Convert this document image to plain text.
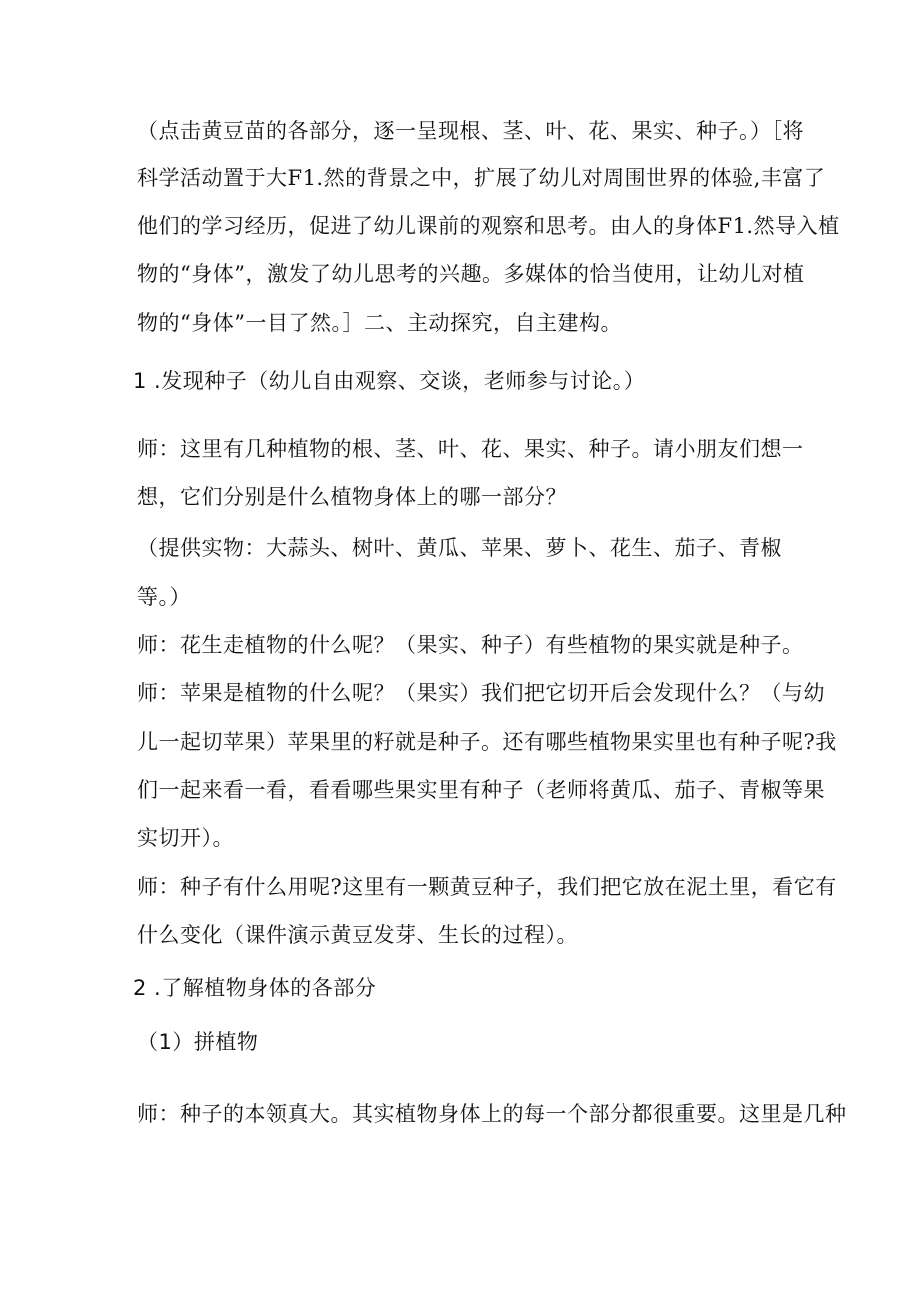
（点击黄豆苗的各部分，逐一呈现根、茎、叶、花、果实、种子。）［将
科学活动置于大F1.然的背景之中，扩展了幼儿对周围世界的体验,丰富了
他们的学习经历，促进了幼儿课前的观察和思考。由人的身体F1.然导入植
物的“身体”，激发了幼儿思考的兴趣。多媒体的恰当使用，让幼儿对植
物的“身体”一目了然。］二、主动探究，自主建构。
1 .发现种子（幼儿自由观察、交谈，老师参与讨论。）
师：这里有几种植物的根、茎、叶、花、果实、种子。请小朋友们想一
想，它们分别是什么植物身体上的哪一部分？
（提供实物：大蒜头、树叶、黄瓜、苹果、萝卜、花生、茄子、青椒
等。）
师：花生走植物的什么呢？（果实、种子）有些植物的果实就是种子。
师：苹果是植物的什么呢？（果实）我们把它切开后会发现什么？（与幼
儿一起切苹果）苹果里的籽就是种子。还有哪些植物果实里也有种子呢?我
们一起来看一看，看看哪些果实里有种子（老师将黄瓜、茄子、青椒等果
实切开）。
师：种子有什么用呢?这里有一颗黄豆种子，我们把它放在泥土里，看它有
什么变化（课件演示黄豆发芽、生长的过程）。
2 .了解植物身体的各部分
（1）拼植物
师：种子的本领真大。其实植物身体上的每一个部分都很重要。这里是几种
